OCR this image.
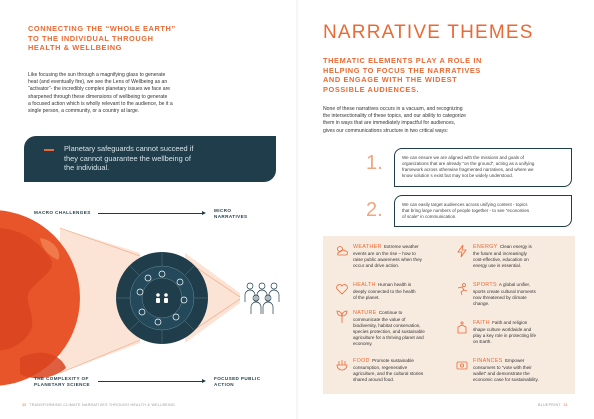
CONNECTING THE “WHOLE EARTH”
TO THE INDIVIDUAL THROUGH
HEALTH & WELLBEING
Like focusing the sun through a magnifying glass to generate
heat (and eventually fire), we see the Lens of Wellbeing as an
“activator”- the incredibly complex planetary issues we face are
sharpened through these dimensions of wellbeing to generate
a focused action which is wholly relevant to the audience, be it a
single person, a community, or a country at large.
Planetary safeguards cannot succeed if
they cannot guarantee the wellbeing of
the individual.
MACRO CHALLENGES	MICRO
NARRATIVES
THE COMPLEXITY OF
PLANETARY SCIENCE
FOCUSED PUBLIC
ACTION
30 TRANSFORMING CLIMATE NARRATIVES THROUGH HEALTH & WELLBEING
NARRATIVE THEMES
THEMATIC ELEMENTS PLAY A ROLE IN
HELPING TO FOCUS THE NARRATIVES
AND ENGAGE WITH THE WIDEST
POSSIBLE AUDIENCES.
None of these narratives occurs in a vacuum, and recognizing
the intersectionality of these topics, and our ability to categorize
them in ways that are immediately impactful for audiences,
gives our communications structure in two critical ways:
1.	We can ensure we are aligned with the missions and goals of
organizations that are already “on the ground”, acting as a unifying
framework across otherwise fragmented narratives, and where we
know solution s exist but may not be widely understood.
2.	We can easily target audiences across unifying content - topics
that bring large numbers of people together - to see “economies
of scale” in communication.
WEATHER Extreme weather
events are on the rise – how to
raise public awareness when they
occur and drive action.
HEALTH Human health is
deeply connected to the health
of the planet.
NATURE Continue to
communicate the value of
biodiversity, habitat conservation,
species protection, and sustainable
agriculture for a thriving planet and
economy.
FOOD Promote sustainable
consumption, regenerative
agriculture, and the cultural stories
shared around food.
ENERGY Clean energy is
the future and increasingly
cost-effective, education on
energy use is essential.
SPORTS A global unifier,
sports create cultural moments
now threatened by climate
change.
FAITH Faith and religion
shape culture worldwide and
play a key role in protecting life
on Earth.
FINANCES Empower
consumers to “vote with their
wallet” and demonstrate the
economic case for sustainability.
BLUEPRINT 31
